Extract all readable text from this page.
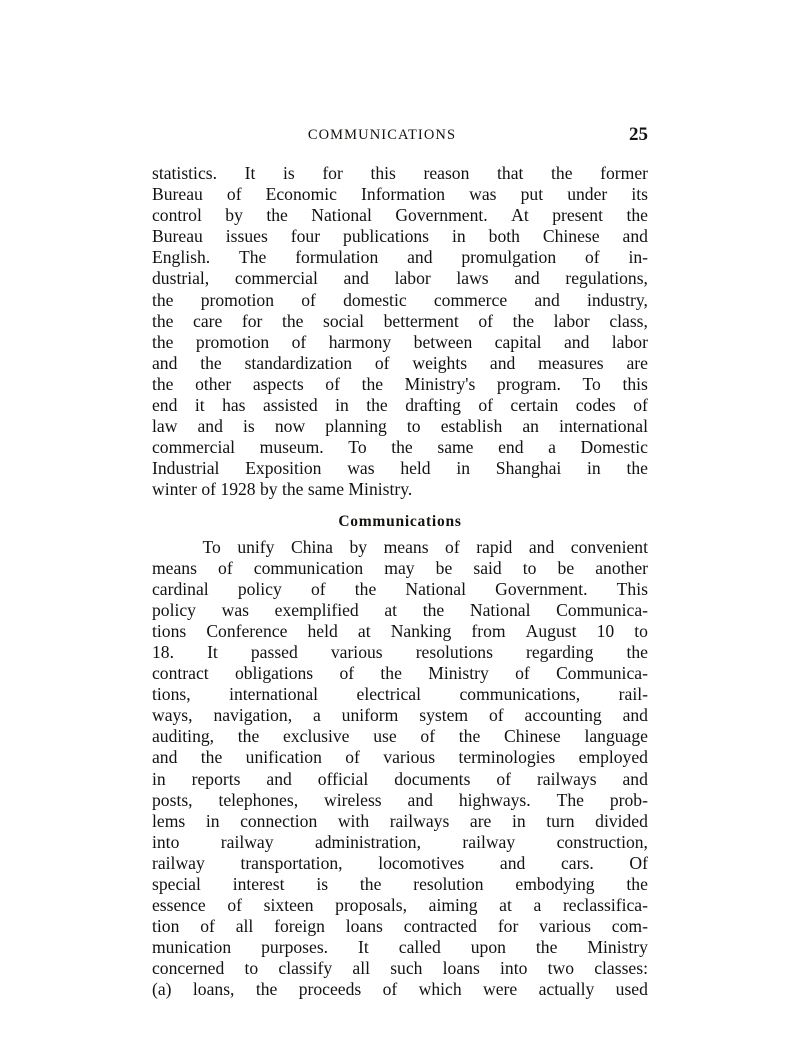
COMMUNICATIONS	25
statistics. It is for this reason that the former
Bureau of Economic Information was put under its
control by the National Government. At present the
Bureau issues four publications in both Chinese and
English. The formulation and promulgation of in-
dustrial, commercial and labor laws and regulations,
the promotion of domestic commerce and industry,
the care for the social betterment of the labor class,
the promotion of harmony between capital and labor
and the standardization of weights and measures are
the other aspects of the Ministry's program. To this
end it has assisted in the drafting of certain codes of
law and is now planning to establish an international
commercial museum. To the same end a Domestic
Industrial Exposition was held in Shanghai in the
winter of 1928 by the same Ministry.
Communications
To unify China by means of rapid and convenient
means of communication may be said to be another
cardinal policy of the National Government. This
policy was exemplified at the National Communica-
tions Conference held at Nanking from August 10 to
18. It passed various resolutions regarding the
contract obligations of the Ministry of Communica-
tions, international electrical communications, rail-
ways, navigation, a uniform system of accounting and
auditing, the exclusive use of the Chinese language
and the unification of various terminologies employed
in reports and official documents of railways and
posts, telephones, wireless and highways. The prob-
lems in connection with railways are in turn divided
into railway administration, railway construction,
railway transportation, locomotives and cars. Of
special interest is the resolution embodying the
essence of sixteen proposals, aiming at a reclassifica-
tion of all foreign loans contracted for various com-
munication purposes. It called upon the Ministry
concerned to classify all such loans into two classes:
(a) loans, the proceeds of which were actually used
